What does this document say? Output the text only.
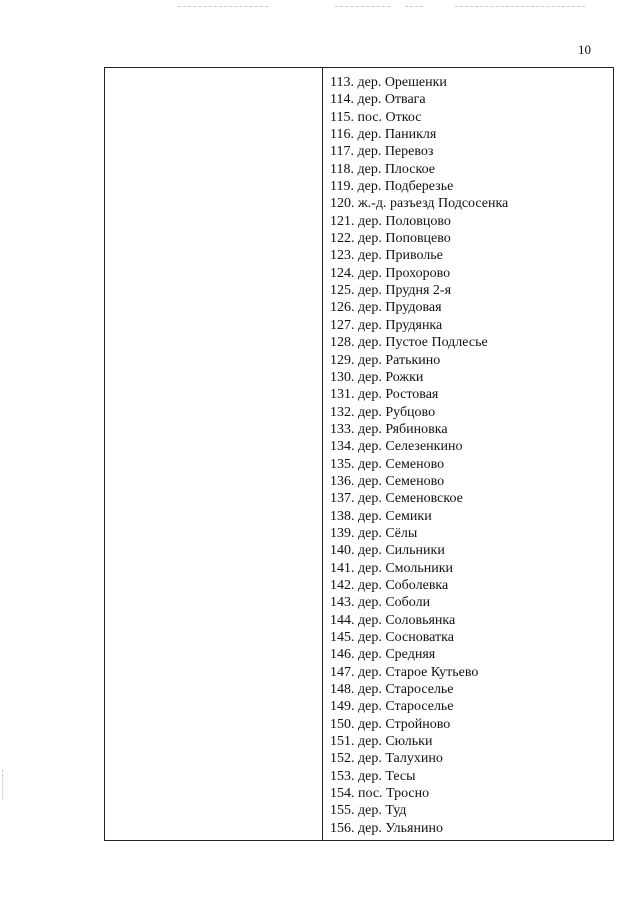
10
113. дер. Орешенки
114. дер. Отвага
115. пос. Откос
116. дер. Паникля
117. дер. Перевоз
118. дер. Плоское
119. дер. Подберезье
120. ж.-д. разъезд Подсосенка
121. дер. Половцово
122. дер. Поповцево
123. дер. Приволье
124. дер. Прохорово
125. дер. Прудня 2-я
126. дер. Прудовая
127. дер. Прудянка
128. дер. Пустое Подлесье
129. дер. Ратькино
130. дер. Рожки
131. дер. Ростовая
132. дер. Рубцово
133. дер. Рябиновка
134. дер. Селезенкино
135. дер. Семеново
136. дер. Семеново
137. дер. Семеновское
138. дер. Семики
139. дер. Сёлы
140. дер. Сильники
141. дер. Смольники
142. дер. Соболевка
143. дер. Соболи
144. дер. Соловьянка
145. дер. Сосноватка
146. дер. Средняя
147. дер. Старое Кутьево
148. дер. Староселье
149. дер. Староселье
150. дер. Стройново
151. дер. Сюльки
152. дер. Талухино
153. дер. Тесы
154. пос. Тросно
155. дер. Туд
156. дер. Ульянино
